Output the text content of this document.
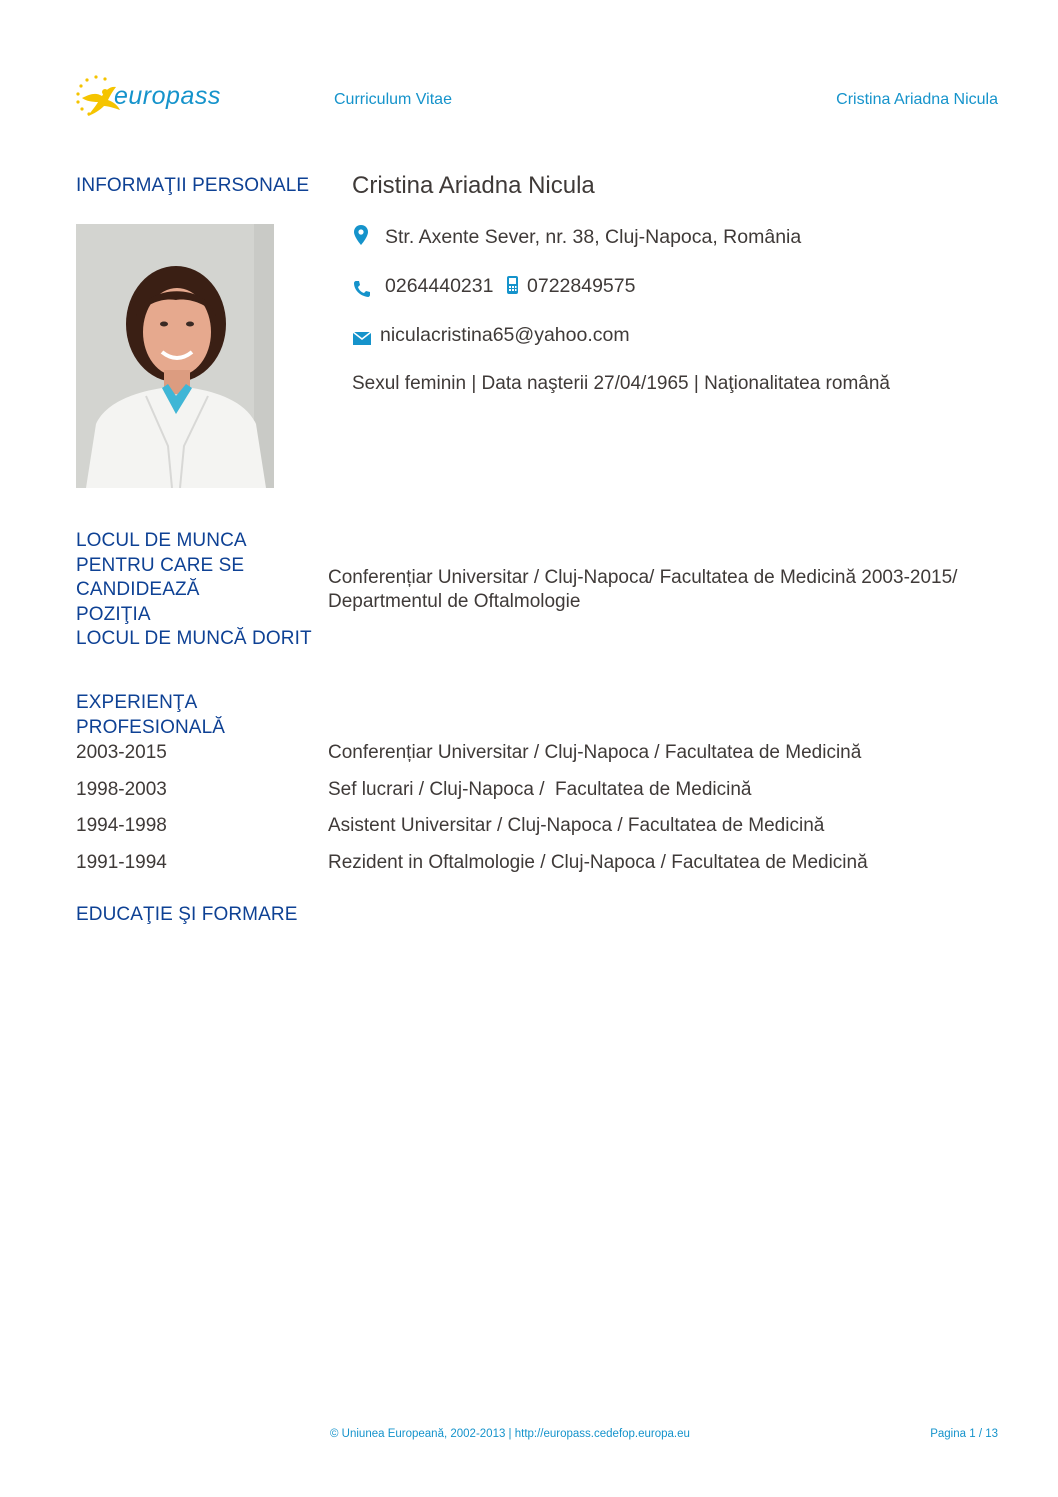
europass	Curriculum Vitae	Cristina Ariadna Nicula
INFORMAŢII PERSONALE Cristina Ariadna Nicula
Str. Axente Sever, nr. 38, Cluj-Napoca, România
0264440231 0722849575
niculacristina65@yahoo.com
Sexul feminin | Data naşterii 27/04/1965 | Naţionalitatea română
LOCUL DE MUNCA
PENTRU CARE SE
CANDIDEAZĂ
POZIŢIA
LOCUL DE MUNCĂ DORIT
Conferențiar Universitar / Cluj-Napoca/ Facultatea de Medicină 2003-2015/
Departmentul de Oftalmologie
EXPERIENŢA
PROFESIONALĂ
2003-2015	Conferențiar Universitar / Cluj-Napoca / Facultatea de Medicină
1998-2003	Sef lucrari / Cluj-Napoca /  Facultatea de Medicină
1994-1998	Asistent Universitar / Cluj-Napoca / Facultatea de Medicină
1991-1994	Rezident in Oftalmologie / Cluj-Napoca / Facultatea de Medicină
EDUCAŢIE ŞI FORMARE
© Uniunea Europeană, 2002-2013 | http://europass.cedefop.europa.eu	Pagina 1 / 13
